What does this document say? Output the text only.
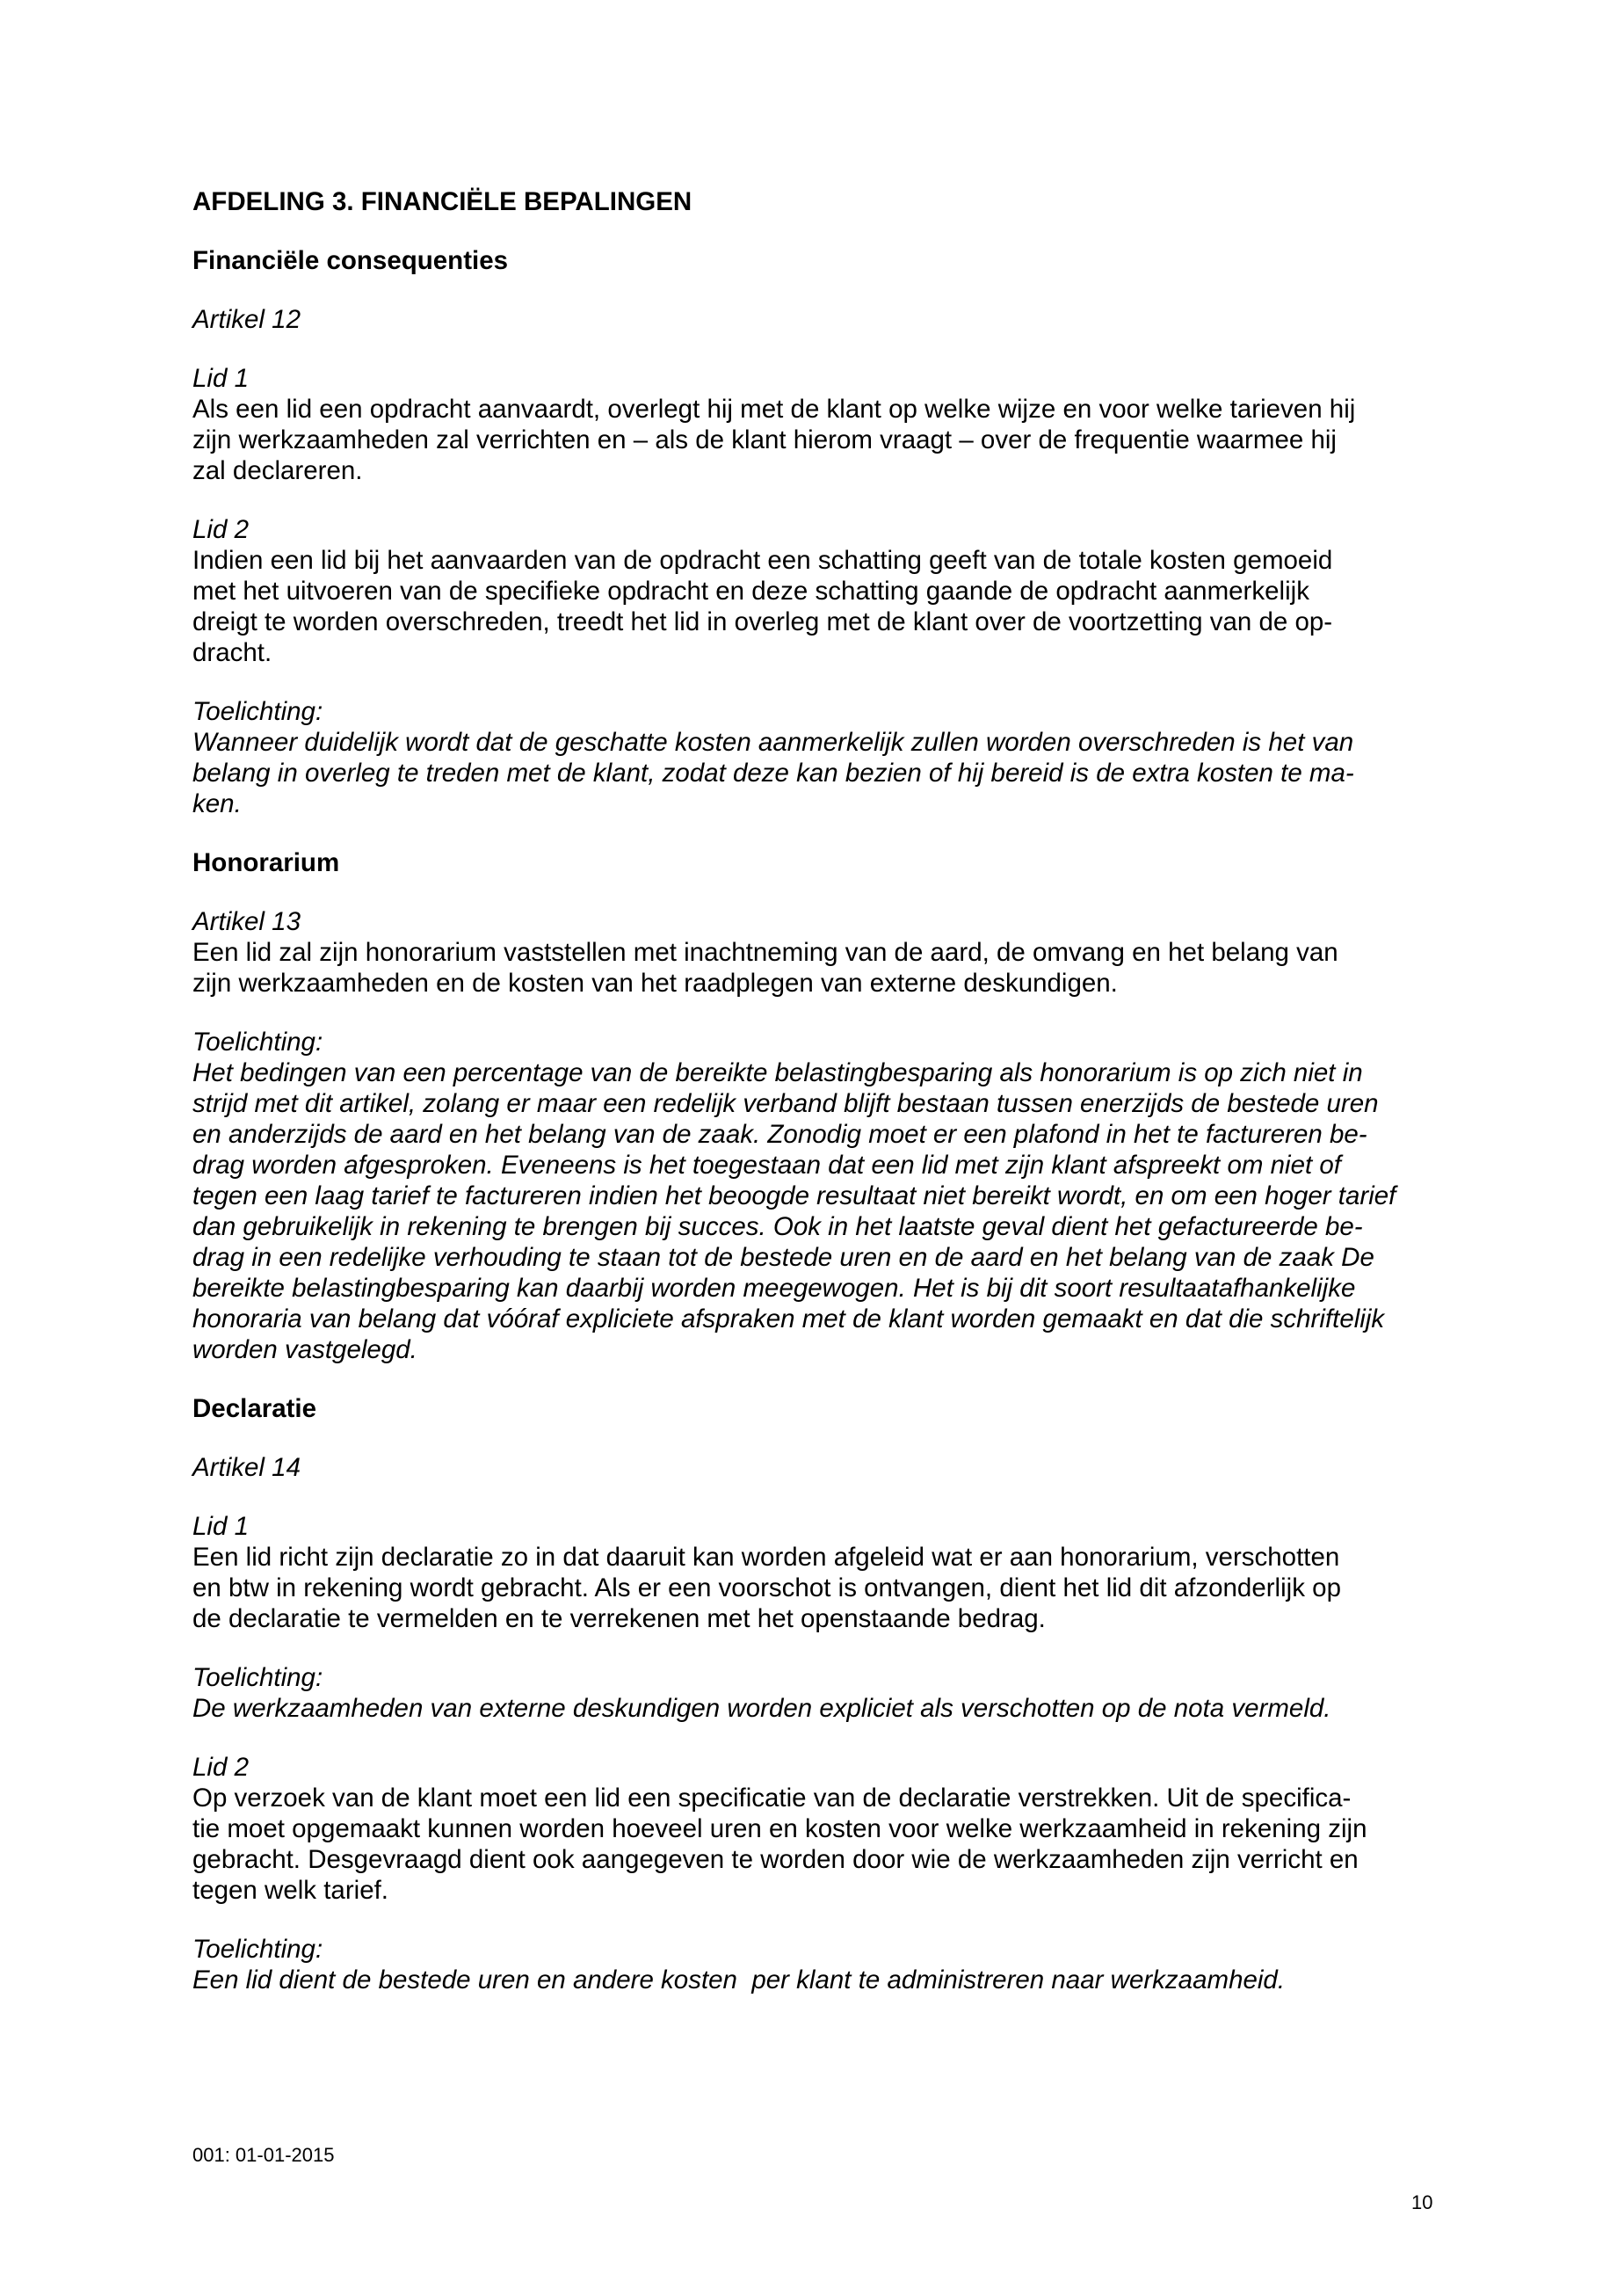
AFDELING 3. FINANCIËLE BEPALINGEN
Financiële consequenties
Artikel 12
Lid 1
Als een lid een opdracht aanvaardt, overlegt hij met de klant op welke wijze en voor welke tarieven hij
zijn werkzaamheden zal verrichten en – als de klant hierom vraagt – over de frequentie waarmee hij
zal declareren.
Lid 2
Indien een lid bij het aanvaarden van de opdracht een schatting geeft van de totale kosten gemoeid
met het uitvoeren van de specifieke opdracht en deze schatting gaande de opdracht aanmerkelijk
dreigt te worden overschreden, treedt het lid in overleg met de klant over de voortzetting van de op-
dracht.
Toelichting:
Wanneer duidelijk wordt dat de geschatte kosten aanmerkelijk zullen worden overschreden is het van
belang in overleg te treden met de klant, zodat deze kan bezien of hij bereid is de extra kosten te ma-
ken.
Honorarium
Artikel 13
Een lid zal zijn honorarium vaststellen met inachtneming van de aard, de omvang en het belang van
zijn werkzaamheden en de kosten van het raadplegen van externe deskundigen.
Toelichting:
Het bedingen van een percentage van de bereikte belastingbesparing als honorarium is op zich niet in
strijd met dit artikel, zolang er maar een redelijk verband blijft bestaan tussen enerzijds de bestede uren
en anderzijds de aard en het belang van de zaak. Zonodig moet er een plafond in het te factureren be-
drag worden afgesproken. Eveneens is het toegestaan dat een lid met zijn klant afspreekt om niet of
tegen een laag tarief te factureren indien het beoogde resultaat niet bereikt wordt, en om een hoger tarief
dan gebruikelijk in rekening te brengen bij succes. Ook in het laatste geval dient het gefactureerde be-
drag in een redelijke verhouding te staan tot de bestede uren en de aard en het belang van de zaak De
bereikte belastingbesparing kan daarbij worden meegewogen. Het is bij dit soort resultaatafhankelijke
honoraria van belang dat vóóraf expliciete afspraken met de klant worden gemaakt en dat die schriftelijk
worden vastgelegd.
Declaratie
Artikel 14
Lid 1
Een lid richt zijn declaratie zo in dat daaruit kan worden afgeleid wat er aan honorarium, verschotten
en btw in rekening wordt gebracht. Als er een voorschot is ontvangen, dient het lid dit afzonderlijk op
de declaratie te vermelden en te verrekenen met het openstaande bedrag.
Toelichting:
De werkzaamheden van externe deskundigen worden expliciet als verschotten op de nota vermeld.
Lid 2
Op verzoek van de klant moet een lid een specificatie van de declaratie verstrekken. Uit de specifica-
tie moet opgemaakt kunnen worden hoeveel uren en kosten voor welke werkzaamheid in rekening zijn
gebracht. Desgevraagd dient ook aangegeven te worden door wie de werkzaamheden zijn verricht en
tegen welk tarief.
Toelichting:
Een lid dient de bestede uren en andere kosten  per klant te administreren naar werkzaamheid.
001: 01-01-2015
10
